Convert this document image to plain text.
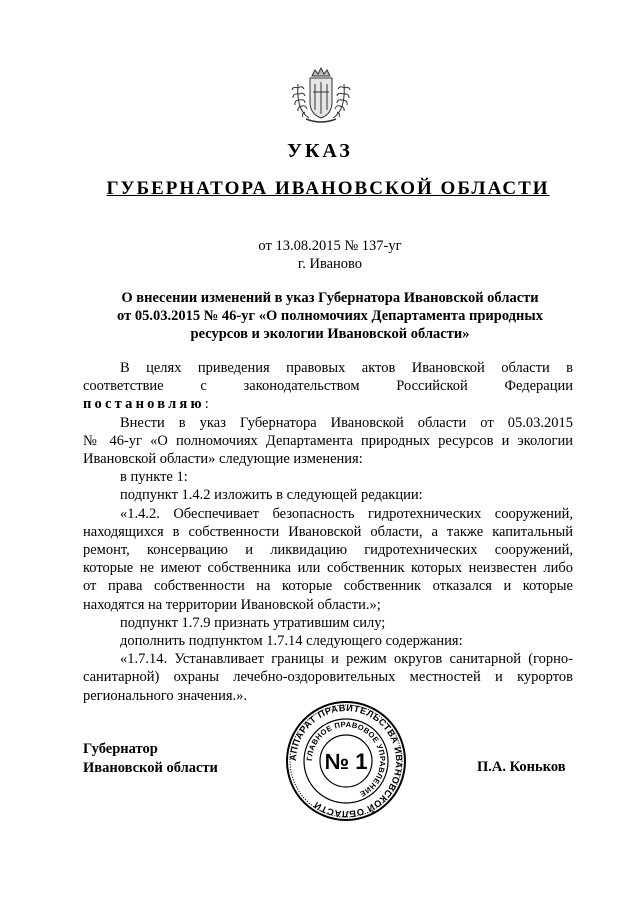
УКАЗ
ГУБЕРНАТОРА ИВАНОВСКОЙ ОБЛАСТИ
от 13.08.2015 № 137-уг
г. Иваново
О внесении изменений в указ Губернатора Ивановской области
от 05.03.2015 № 46-уг «О полномочиях Департамента природных
ресурсов и экологии Ивановской области»
В целях приведения правовых актов Ивановской области в
соответствие с законодательством Российской Федерации
постановляю:
Внести в указ Губернатора Ивановской области от 05.03.2015
№ 46-уг «О полномочиях Департамента природных ресурсов и экологии
Ивановской области» следующие изменения:
в пункте 1:
подпункт 1.4.2 изложить в следующей редакции:
«1.4.2. Обеспечивает безопасность гидротехнических сооружений,
находящихся в собственности Ивановской области, а также капитальный
ремонт, консервацию и ликвидацию гидротехнических сооружений,
которые не имеют собственника или собственник которых неизвестен либо
от права собственности на которые собственник отказался и которые
находятся на территории Ивановской области.»;
подпункт 1.7.9 признать утратившим силу;
дополнить подпунктом 1.7.14 следующего содержания:
«1.7.14. Устанавливает границы и режим округов санитарной (горно-
санитарной) охраны лечебно-оздоровительных местностей и курортов
регионального значения.».
Губернатор
Ивановской области
АППАРАТ ПРАВИТЕЛЬСТВА ИВАНОВСКОЙ ОБЛАСТИ
ГЛАВНОЕ ПРАВОВОЕ УПРАВЛЕНИЕ
№ 1	П.А. Коньков
